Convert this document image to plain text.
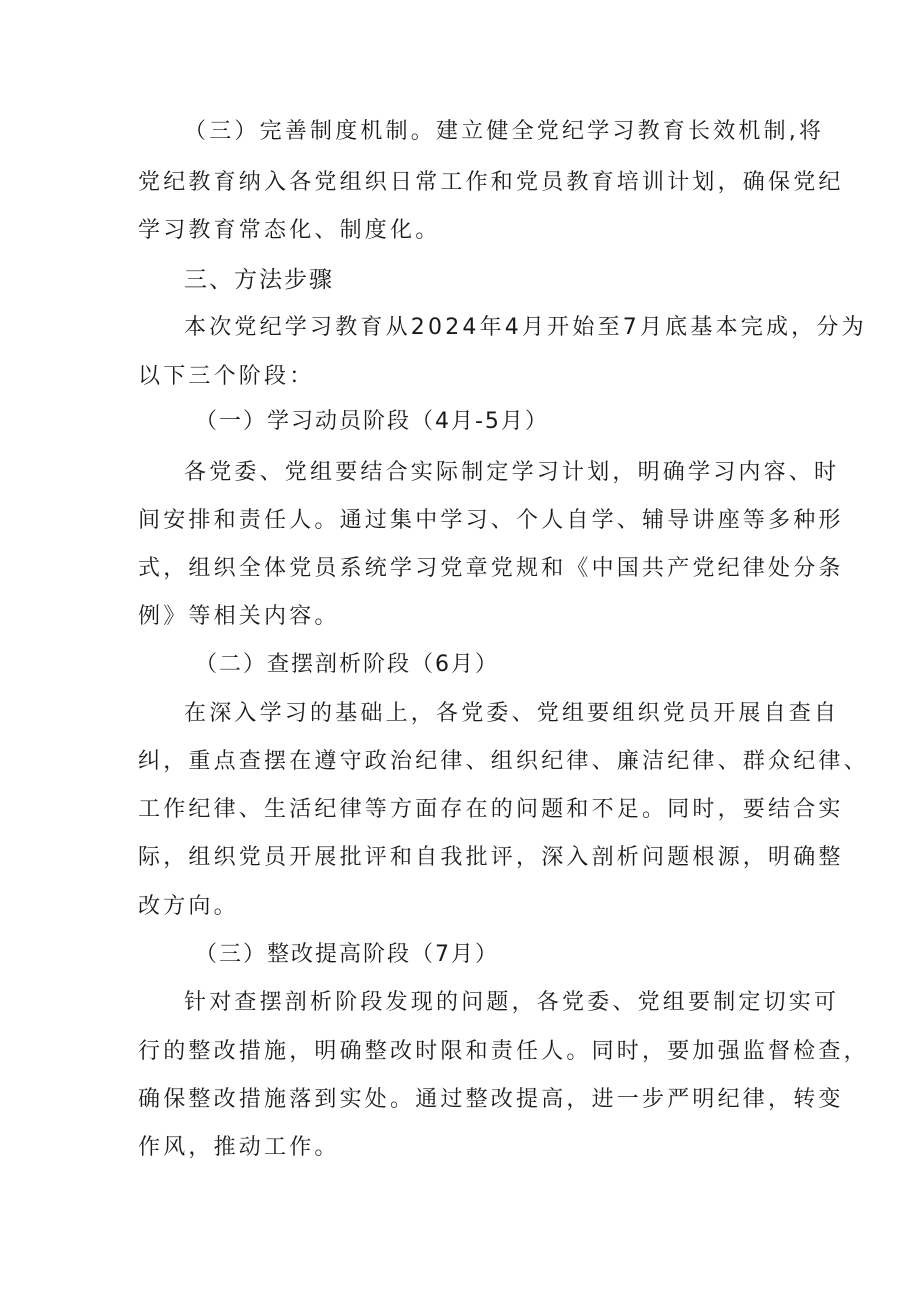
（三）完善制度机制。建立健全党纪学习教育长效机制,将

党纪教育纳入各党组织日常工作和党员教育培训计划，确保党纪

学习教育常态化、制度化。

三、方法步骤

本次党纪学习教育从2024年4月开始至7月底基本完成，分为

以下三个阶段：

（一）学习动员阶段（4月-5月）

各党委、党组要结合实际制定学习计划，明确学习内容、时

间安排和责任人。通过集中学习、个人自学、辅导讲座等多种形

式，组织全体党员系统学习党章党规和《中国共产党纪律处分条

例》等相关内容。

（二）查摆剖析阶段（6月）

在深入学习的基础上，各党委、党组要组织党员开展自查自

纠，重点查摆在遵守政治纪律、组织纪律、廉洁纪律、群众纪律、

工作纪律、生活纪律等方面存在的问题和不足。同时，要结合实

际，组织党员开展批评和自我批评，深入剖析问题根源，明确整

改方向。

（三）整改提高阶段（7月）

针对查摆剖析阶段发现的问题，各党委、党组要制定切实可

行的整改措施，明确整改时限和责任人。同时，要加强监督检查，

确保整改措施落到实处。通过整改提高，进一步严明纪律，转变

作风，推动工作。
